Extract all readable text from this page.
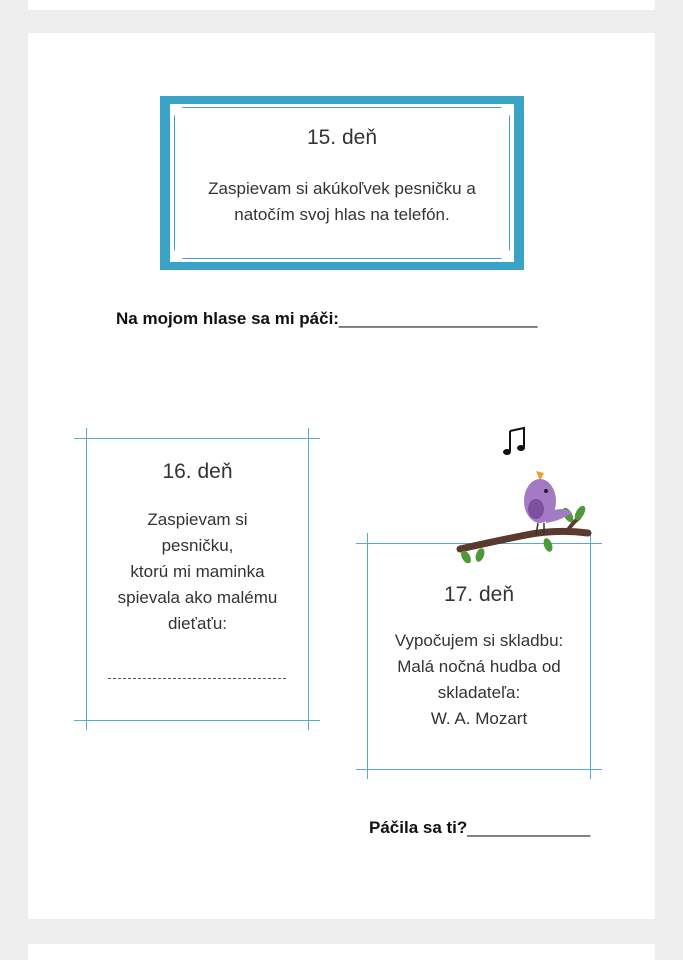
15. deň
Zaspievam si akúkoľvek pesničku a
natočím svoj hlas na telefón.
Na mojom hlase sa mi páči:_____________________
16. deň
Zaspievam si
pesničku,
ktorú mi maminka
spievala ako malému
dieťaťu:
17. deň
Vypočujem si skladbu:
Malá nočná hudba od
skladateľa:
W. A. Mozart
Páčila sa ti?_____________
